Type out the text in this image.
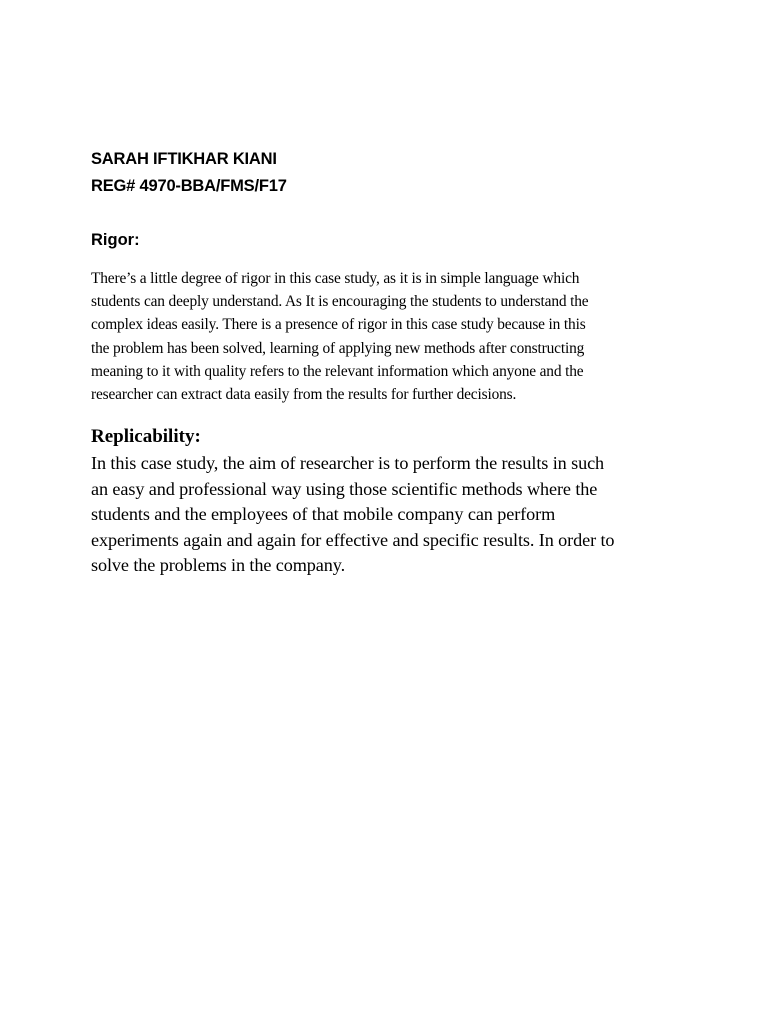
SARAH IFTIKHAR KIANI

REG# 4970-BBA/FMS/F17

Rigor:

There’s a little degree of rigor in this case study, as it is in simple language which
students can deeply understand. As It is encouraging the students to understand the
complex ideas easily. There is a presence of rigor in this case study because in this
the problem has been solved, learning of applying new methods after constructing
meaning to it with quality refers to the relevant information which anyone and the
researcher can extract data easily from the results for further decisions.

Replicability:

In this case study, the aim of researcher is to perform the results in such
an easy and professional way using those scientific methods where the
students and the employees of that mobile company can perform
experiments again and again for effective and specific results. In order to
solve the problems in the company.
